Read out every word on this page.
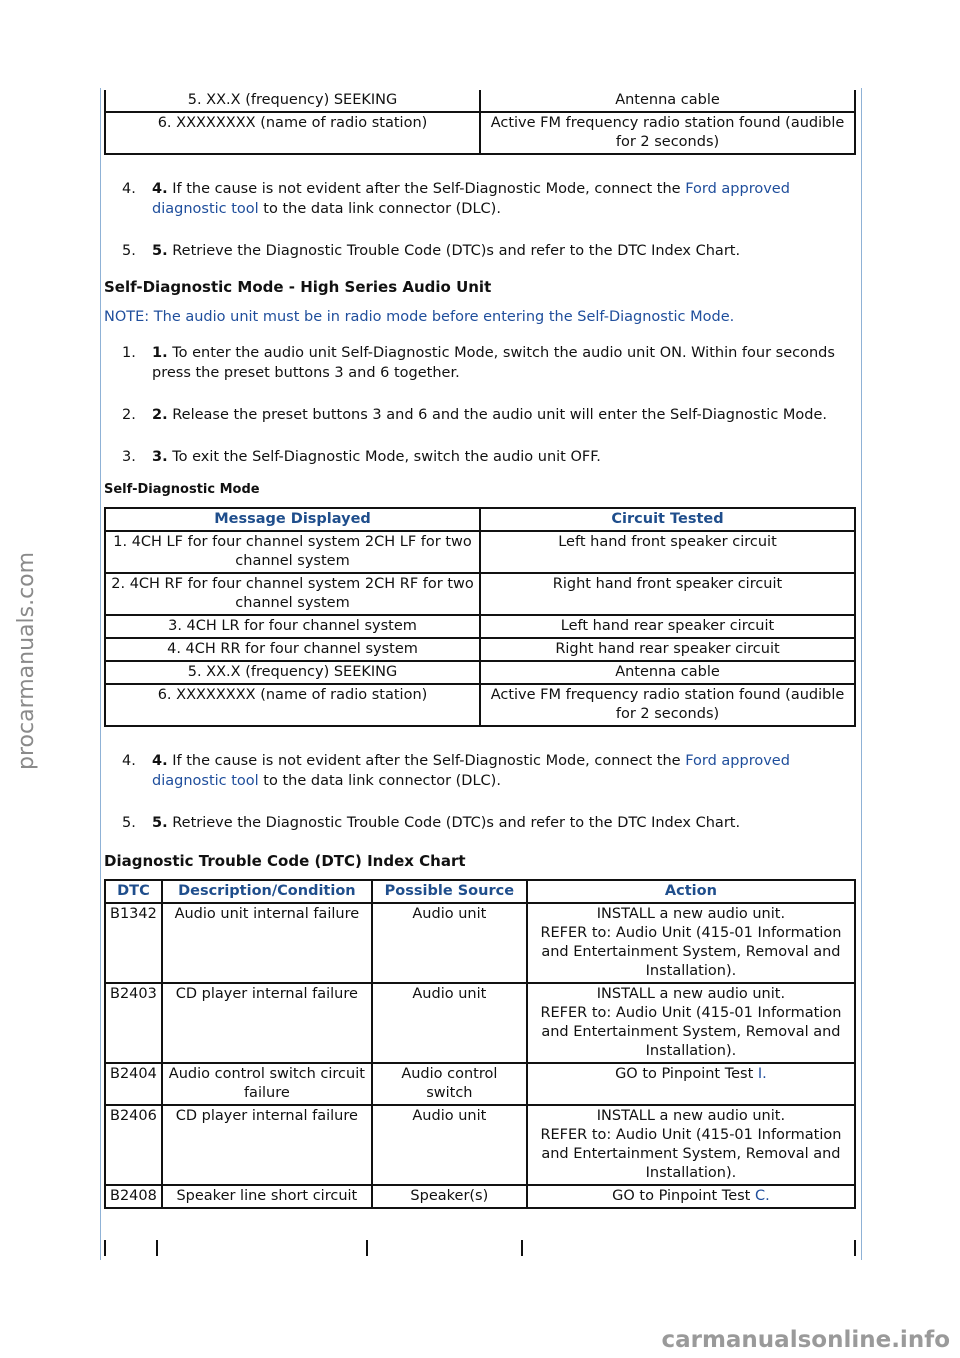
5. XX.X (frequency) SEEKING	Antenna cable
6. XXXXXXXX (name of radio station)	Active FM frequency radio station found (audible for 2 seconds)

4. 4. If the cause is not evident after the Self-Diagnostic Mode, connect the Ford approved diagnostic tool to the data link connector (DLC).

5. 5. Retrieve the Diagnostic Trouble Code (DTC)s and refer to the DTC Index Chart.

Self-Diagnostic Mode - High Series Audio Unit

NOTE: The audio unit must be in radio mode before entering the Self-Diagnostic Mode.

1. 1. To enter the audio unit Self-Diagnostic Mode, switch the audio unit ON. Within four seconds press the preset buttons 3 and 6 together.

2. 2. Release the preset buttons 3 and 6 and the audio unit will enter the Self-Diagnostic Mode.

3. 3. To exit the Self-Diagnostic Mode, switch the audio unit OFF.

Self-Diagnostic Mode
Message Displayed	Circuit Tested
1. 4CH LF for four channel system 2CH LF for two channel system	Left hand front speaker circuit
2. 4CH RF for four channel system 2CH RF for two channel system	Right hand front speaker circuit
3. 4CH LR for four channel system	Left hand rear speaker circuit
4. 4CH RR for four channel system	Right hand rear speaker circuit
5. XX.X (frequency) SEEKING	Antenna cable
6. XXXXXXXX (name of radio station)	Active FM frequency radio station found (audible for 2 seconds)

4. 4. If the cause is not evident after the Self-Diagnostic Mode, connect the Ford approved diagnostic tool to the data link connector (DLC).

5. 5. Retrieve the Diagnostic Trouble Code (DTC)s and refer to the DTC Index Chart.

Diagnostic Trouble Code (DTC) Index Chart
DTC	Description/Condition	Possible Source	Action
B1342	Audio unit internal failure	Audio unit	INSTALL a new audio unit.
REFER to: Audio Unit (415-01 Information and Entertainment System, Removal and Installation).

B2403	CD player internal failure	Audio unit	INSTALL a new audio unit.
REFER to: Audio Unit (415-01 Information and Entertainment System, Removal and Installation).

B2404	Audio control switch circuit failure	Audio control switch	GO to Pinpoint Test I.
B2406	CD player internal failure	Audio unit	INSTALL a new audio unit.
REFER to: Audio Unit (415-01 Information and Entertainment System, Removal and Installation).

B2408	Speaker line short circuit	Speaker(s)	GO to Pinpoint Test C.
procarmanuals.com
carmanualsonline.info
